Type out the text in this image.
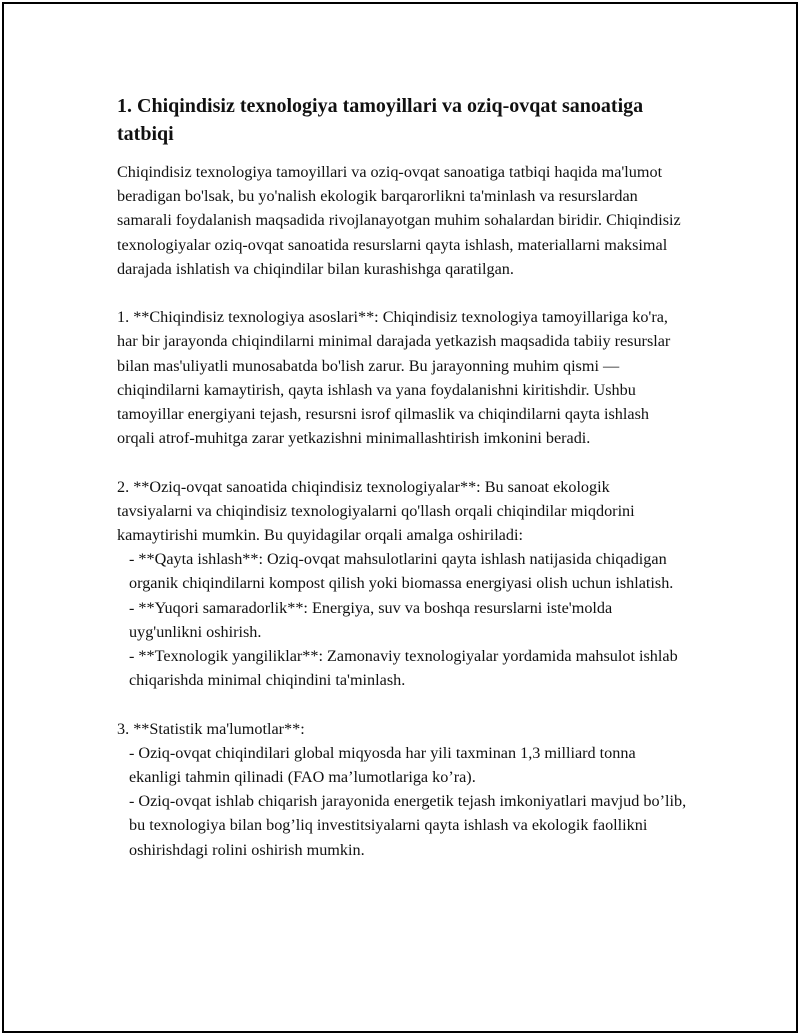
1. Chiqindisiz texnologiya tamoyillari va oziq-ovqat sanoatiga tatbiqi

Chiqindisiz texnologiya tamoyillari va oziq-ovqat sanoatiga tatbiqi haqida ma'lumot beradigan bo'lsak, bu yo'nalish ekologik barqarorlikni ta'minlash va resurslardan samarali foydalanish maqsadida rivojlanayotgan muhim sohalardan biridir. Chiqindisiz texnologiyalar oziq-ovqat sanoatida resurslarni qayta ishlash, materiallarni maksimal darajada ishlatish va chiqindilar bilan kurashishga qaratilgan.

1. **Chiqindisiz texnologiya asoslari**: Chiqindisiz texnologiya tamoyillariga ko'ra, har bir jarayonda chiqindilarni minimal darajada yetkazish maqsadida tabiiy resurslar bilan mas'uliyatli munosabatda bo'lish zarur. Bu jarayonning muhim qismi — chiqindilarni kamaytirish, qayta ishlash va yana foydalanishni kiritishdir. Ushbu tamoyillar energiyani tejash, resursni isrof qilmaslik va chiqindilarni qayta ishlash orqali atrof-muhitga zarar yetkazishni minimallashtirish imkonini beradi.

2. **Oziq-ovqat sanoatida chiqindisiz texnologiyalar**: Bu sanoat ekologik tavsiyalarni va chiqindisiz texnologiyalarni qo'llash orqali chiqindilar miqdorini kamaytirishi mumkin. Bu quyidagilar orqali amalga oshiriladi:

- **Qayta ishlash**: Oziq-ovqat mahsulotlarini qayta ishlash natijasida chiqadigan organik chiqindilarni kompost qilish yoki biomassa energiyasi olish uchun ishlatish.

- **Yuqori samaradorlik**: Energiya, suv va boshqa resurslarni iste'molda uyg'unlikni oshirish.

- **Texnologik yangiliklar**: Zamonaviy texnologiyalar yordamida mahsulot ishlab chiqarishda minimal chiqindini ta'minlash.

3. **Statistik ma'lumotlar**:

- Oziq-ovqat chiqindilari global miqyosda har yili taxminan 1,3 milliard tonna ekanligi tahmin qilinadi (FAO ma’lumotlariga ko’ra).

- Oziq-ovqat ishlab chiqarish jarayonida energetik tejash imkoniyatlari mavjud bo’lib, bu texnologiya bilan bog’liq investitsiyalarni qayta ishlash va ekologik faollikni oshirishdagi rolini oshirish mumkin.
